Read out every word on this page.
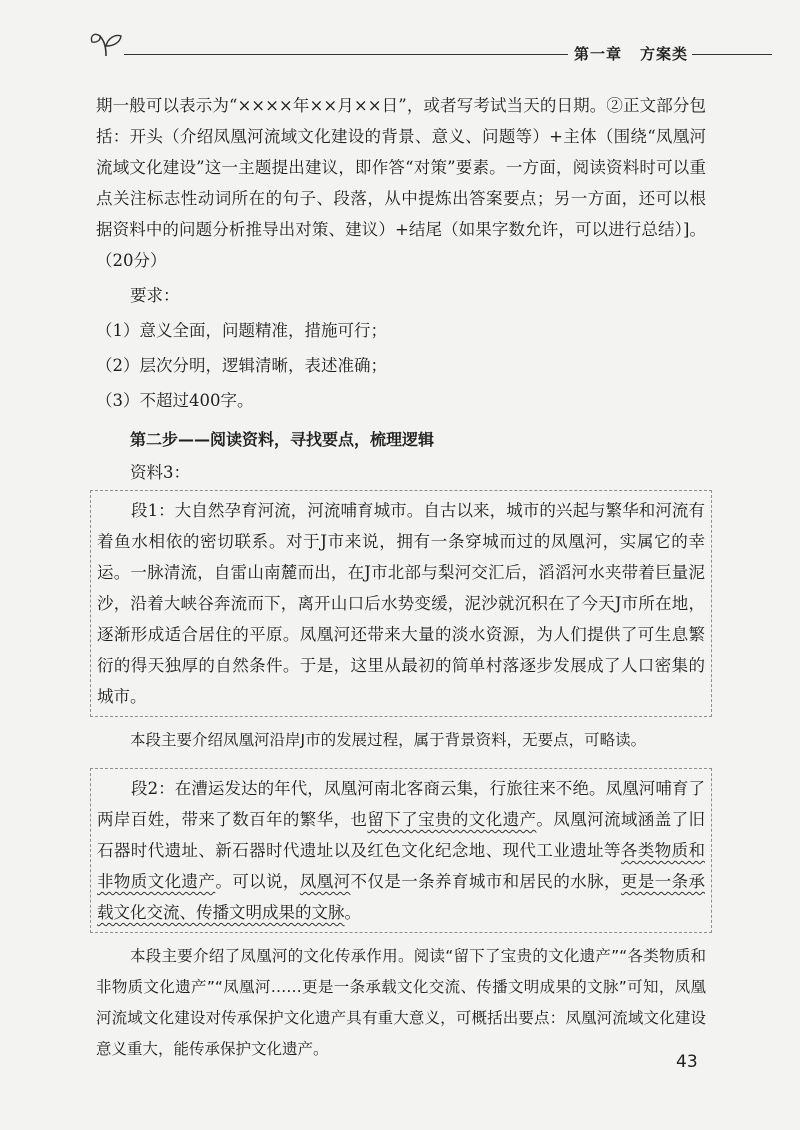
第一章 方案类

期一般可以表示为“××××年××月××日”，或者写考试当天的日期。②正文部分包括：开头（介绍凤凰河流域文化建设的背景、意义、问题等）+主体（围绕“凤凰河流域文化建设”这一主题提出建议，即作答“对策”要素。一方面，阅读资料时可以重点关注标志性动词所在的句子、段落，从中提炼出答案要点；另一方面，还可以根据资料中的问题分析推导出对策、建议）+结尾（如果字数允许，可以进行总结）]。（20分）

要求：

（1）意义全面，问题精准，措施可行；

（2）层次分明，逻辑清晰，表述准确；

（3）不超过400字。

第二步——阅读资料，寻找要点，梳理逻辑

资料3：

段1：大自然孕育河流，河流哺育城市。自古以来，城市的兴起与繁华和河流有着鱼水相依的密切联系。对于J市来说，拥有一条穿城而过的凤凰河，实属它的幸运。一脉清流，自雷山南麓而出，在J市北部与梨河交汇后，滔滔河水夹带着巨量泥沙，沿着大峡谷奔流而下，离开山口后水势变缓，泥沙就沉积在了今天J市所在地，逐渐形成适合居住的平原。凤凰河还带来大量的淡水资源，为人们提供了可生息繁衍的得天独厚的自然条件。于是，这里从最初的简单村落逐步发展成了人口密集的城市。

本段主要介绍凤凰河沿岸J市的发展过程，属于背景资料，无要点，可略读。

段2：在漕运发达的年代，凤凰河南北客商云集，行旅往来不绝。凤凰河哺育了两岸百姓，带来了数百年的繁华，也留下了宝贵的文化遗产。凤凰河流域涵盖了旧石器时代遗址、新石器时代遗址以及红色文化纪念地、现代工业遗址等各类物质和非物质文化遗产。可以说，凤凰河不仅是一条养育城市和居民的水脉，更是一条承载文化交流、传播文明成果的文脉。

本段主要介绍了凤凰河的文化传承作用。阅读“留下了宝贵的文化遗产”“各类物质和非物质文化遗产”“凤凰河……更是一条承载文化交流、传播文明成果的文脉”可知，凤凰河流域文化建设对传承保护文化遗产具有重大意义，可概括出要点：凤凰河流域文化建设意义重大，能传承保护文化遗产。

43
